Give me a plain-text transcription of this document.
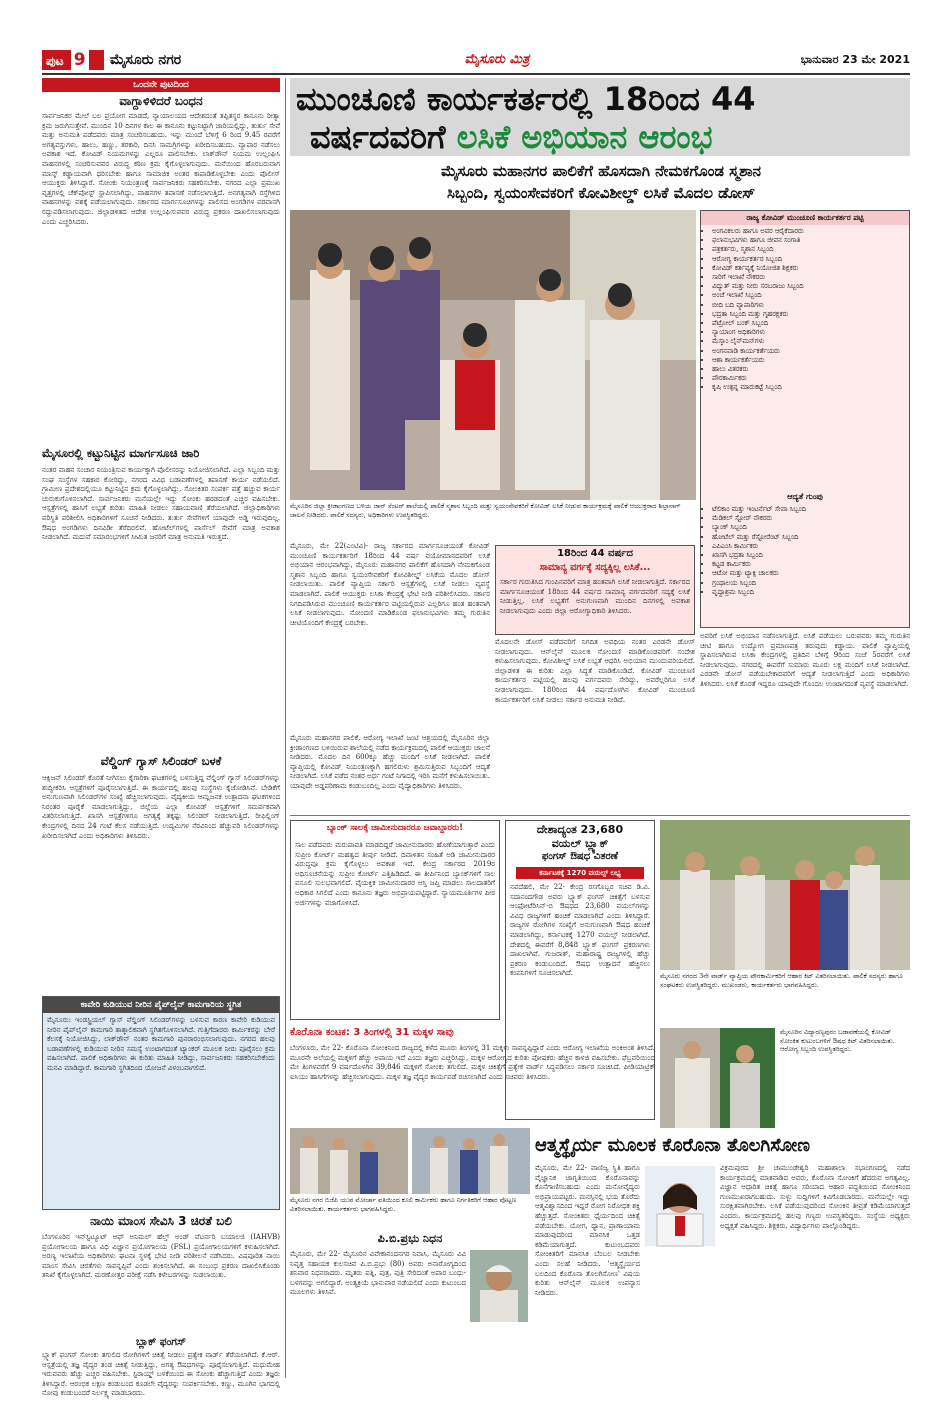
ಪುಟ 9	ಮೈಸೂರು ನಗರ	ಮೈಸೂರು ಮಿತ್ರ	ಭಾನುವಾರ 23 ಮೇ 2021
ಒಂದನೇ ಪುಟದಿಂದ
ವಾಗ್ದಾಳಿಳಿದರೆ ಬಂಧನ
ಸಾರ್ವಜನಿಕರ ಮೇಲೆ ಬಲ ಪ್ರಯೋಗ ಮಾಡದೆ, ನ್ಯಾಯಾಲಯದ ಆದೇಶದಂತೆ ತಪ್ಪಿತಸ್ಥರ ಕಾನೂನು ರೀತ್ಯಾ ಕ್ರಮ ಜರುಗಿಸುತ್ತೇವೆ. ಮುಂದಿನ 10 ದಿನಗಳ ಕಾಲ ಈ ಕಾನೂನು ಕಟ್ಟುನಿಟ್ಟಾಗಿ ಜಾರಿಯಲ್ಲಿದ್ದು, ತುರ್ತು ಸೇವೆ ಮತ್ತು ಅನುಮತಿ ಪಡೆದವರು ಮಾತ್ರ ಸಂಚರಿಸಬಹುದು. ಇನ್ನು ಮುಂದೆ ಬೆಳಿಗ್ಗೆ 6 ರಿಂದ 9.45 ರವರೆಗೆ ಅಗತ್ಯವಸ್ತುಗಳು, ಹಾಲು, ಹಣ್ಣು, ತರಕಾರಿ, ದಿನಸಿ ಸಾಮಗ್ರಿಗಳನ್ನು ಖರೀದಿಸಬಹುದು. ವ್ಯಾಪಾರ ನಡೆಸಲು ಅವಕಾಶ ಇದೆ. ಕೋವಿಡ್ ನಿಯಮಗಳನ್ನು ಎಲ್ಲರೂ ಪಾಲಿಸಬೇಕು. ಲಾಕ್‌ಡೌನ್ ನಿಯಮ ಉಲ್ಲಂಘಿಸಿ ವಾಹನಗಳಲ್ಲಿ ಸಂಚರಿಸುವವರ ವಿರುದ್ಧ ಕಠಿಣ ಕ್ರಮ ಕೈಗೊಳ್ಳಲಾಗುವುದು. ಮನೆಯಿಂದ ಹೊರಬರುವಾಗ ಮಾಸ್ಕ್ ಕಡ್ಡಾಯವಾಗಿ ಧರಿಸಬೇಕು ಹಾಗೂ ಸಾಮಾಜಿಕ ಅಂತರ ಕಾಪಾಡಿಕೊಳ್ಳಬೇಕು ಎಂದು ಪೊಲೀಸ್ ಆಯುಕ್ತರು ತಿಳಿಸಿದ್ದಾರೆ. ಸೋಂಕು ನಿಯಂತ್ರಣಕ್ಕೆ ಸಾರ್ವಜನಿಕರು ಸಹಕರಿಸಬೇಕು. ನಗರದ ಎಲ್ಲಾ ಪ್ರಮುಖ ವೃತ್ತಗಳಲ್ಲಿ ಚೆಕ್‌ಪೋಸ್ಟ್ ಸ್ಥಾಪಿಸಲಾಗಿದ್ದು, ವಾಹನಗಳ ತಪಾಸಣೆ ನಡೆಸಲಾಗುತ್ತಿದೆ. ಅನಗತ್ಯವಾಗಿ ರಸ್ತೆಗಿಳಿದ ವಾಹನಗಳನ್ನು ವಶಕ್ಕೆ ಪಡೆಯಲಾಗುವುದು. ಸರ್ಕಾರದ ಮಾರ್ಗಸೂಚಿಗಳನ್ನು ಪಾಲಿಸದ ಅಂಗಡಿಗಳ ಪರವಾನಗಿ ರದ್ದುಪಡಿಸಲಾಗುವುದು. ಜಿಲ್ಲಾಡಳಿತದ ಆದೇಶ ಉಲ್ಲಂಘಿಸುವವರ ವಿರುದ್ಧ ಪ್ರಕರಣ ದಾಖಲಿಸಲಾಗುವುದು ಎಂದು ಎಚ್ಚರಿಸಿದರು.
ಮೈಸೂರಲ್ಲಿ ಕಟ್ಟುನಿಟ್ಟಿನ ಮಾರ್ಗಸೂಚಿ ಜಾರಿ
ನಂತರ ವಾಹನ ಸಂಚಾರ ನಿಯಂತ್ರಿಸುವ ಕಾರ್ಯಕ್ಕಾಗಿ ಪೊಲೀಸರನ್ನು ನಿಯೋಜಿಸಲಾಗಿದೆ. ಎಲ್ಲಾ ಸಿಬ್ಬಂದಿ ಮತ್ತು ಸಂಘ ಸಂಸ್ಥೆಗಳ ಸಹಕಾರ ಕೋರಿದ್ದು, ನಗರದ ವಿವಿಧ ಬಡಾವಣೆಗಳಲ್ಲಿ ತಪಾಸಣೆ ಕಾರ್ಯ ನಡೆಯಲಿದೆ. ಗ್ರಾಮೀಣ ಪ್ರದೇಶದಲ್ಲಿಯೂ ಕಟ್ಟುನಿಟ್ಟಿನ ಕ್ರಮ ಕೈಗೊಳ್ಳಲಾಗಿದ್ದು, ಸೋಂಕಿತರ ಸಂಪರ್ಕ ಪತ್ತೆ ಹಚ್ಚುವ ಕಾರ್ಯ ಚುರುಕುಗೊಳಿಸಲಾಗಿದೆ. ಸಾರ್ವಜನಿಕರು ಮನೆಯಲ್ಲೇ ಇದ್ದು ಸೋಂಕು ಹರಡದಂತೆ ಎಚ್ಚರ ವಹಿಸಬೇಕು. ಆಸ್ಪತ್ರೆಗಳಲ್ಲಿ ಹಾಸಿಗೆ ಲಭ್ಯತೆ ಕುರಿತು ಮಾಹಿತಿ ನೀಡಲು ಸಹಾಯವಾಣಿ ತೆರೆಯಲಾಗಿದೆ. ಜಿಲ್ಲಾಧಿಕಾರಿಗಳು ಪರಿಸ್ಥಿತಿ ಪರಿಶೀಲಿಸಿ ಅಧಿಕಾರಿಗಳಿಗೆ ಸೂಚನೆ ನೀಡಿದರು. ತುರ್ತು ಸೇವೆಗಳಿಗೆ ಯಾವುದೇ ಅಡ್ಡಿ ಇರುವುದಿಲ್ಲ. ಔಷಧ ಅಂಗಡಿಗಳು ದಿನವಿಡೀ ತೆರೆದಿರಲಿವೆ. ಹೋಟೆಲ್‌ಗಳಲ್ಲಿ ಪಾರ್ಸೆಲ್ ಸೇವೆಗೆ ಮಾತ್ರ ಅವಕಾಶ ನೀಡಲಾಗಿದೆ. ಮದುವೆ ಸಮಾರಂಭಗಳಿಗೆ ಸೀಮಿತ ಜನರಿಗೆ ಮಾತ್ರ ಅನುಮತಿ ಇರುತ್ತದೆ.
ವೆಲ್ಡಿಂಗ್ ಗ್ಯಾಸ್ ಸಿಲಿಂಡರ್ ಬಳಕೆ
ಆಕ್ಸಿಜನ್ ಸಿಲಿಂಡರ್ ಕೊರತೆ ನೀಗಿಸಲು ಕೈಗಾರಿಕಾ ಘಟಕಗಳಲ್ಲಿ ಬಳಸುತ್ತಿದ್ದ ವೆಲ್ಡಿಂಗ್ ಗ್ಯಾಸ್ ಸಿಲಿಂಡರ್‌ಗಳನ್ನು ಶುದ್ಧೀಕರಿಸಿ ಆಸ್ಪತ್ರೆಗಳಿಗೆ ಪೂರೈಸಲಾಗುತ್ತಿದೆ. ಈ ಕಾರ್ಯದಲ್ಲಿ ಹಲವು ಸಂಸ್ಥೆಗಳು ಕೈಜೋಡಿಸಿವೆ. ಬೇಡಿಕೆಗೆ ಅನುಗುಣವಾಗಿ ಸಿಲಿಂಡರ್‌ಗಳ ಸಂಖ್ಯೆ ಹೆಚ್ಚಿಸಲಾಗುವುದು. ವೈದ್ಯಕೀಯ ಆಮ್ಲಜನಕ ಉತ್ಪಾದನಾ ಘಟಕಗಳಿಂದ ನಿರಂತರ ಪೂರೈಕೆ ಮಾಡಲಾಗುತ್ತಿದ್ದು, ಜಿಲ್ಲೆಯ ಎಲ್ಲಾ ಕೋವಿಡ್ ಆಸ್ಪತ್ರೆಗಳಿಗೆ ಸಮರ್ಪಕವಾಗಿ ವಿತರಿಸಲಾಗುತ್ತಿದೆ. ಖಾಸಗಿ ಆಸ್ಪತ್ರೆಗಳಿಗೂ ಅಗತ್ಯಕ್ಕೆ ತಕ್ಕಷ್ಟು ಸಿಲಿಂಡರ್ ನೀಡಲಾಗುತ್ತಿದೆ. ರೀಫಿಲ್ಲಿಂಗ್ ಕೇಂದ್ರಗಳಲ್ಲಿ ದಿನದ 24 ಗಂಟೆ ಕೆಲಸ ನಡೆಯುತ್ತಿದೆ. ಉದ್ಯಮಿಗಳ ನೆರವಿನಿಂದ ಹೆಚ್ಚುವರಿ ಸಿಲಿಂಡರ್‌ಗಳನ್ನು ಖರೀದಿಸಲಾಗಿದೆ ಎಂದು ಅಧಿಕಾರಿಗಳು ತಿಳಿಸಿದರು.
ಕಾವೇರಿ ಕುಡಿಯುವ ನೀರಿನ ಪೈಪ್‌ಲೈನ್ ಕಾಮಗಾರಿಯ ಸ್ಥಗಿತ
ಮೈಸೂರು: ಇಂಡಸ್ಟ್ರಿಯಲ್ ಗ್ಯಾಸ್ ವೆಲ್ಡಿಂಗ್ ಸಿಲಿಂಡರ್‌ಗಳನ್ನು ಬಳಸುವ ಕಾರಣ ಕಾವೇರಿ ಕುಡಿಯುವ ನೀರಿನ ಪೈಪ್‌ಲೈನ್ ಕಾಮಗಾರಿ ತಾತ್ಕಾಲಿಕವಾಗಿ ಸ್ಥಗಿತಗೊಳಿಸಲಾಗಿದೆ. ಗುತ್ತಿಗೆದಾರರು ಕಾರ್ಮಿಕರನ್ನು ಬೇರೆ ಕೆಲಸಕ್ಕೆ ನಿಯೋಜಿಸಿದ್ದು, ಲಾಕ್‌ಡೌನ್ ನಂತರ ಕಾಮಗಾರಿ ಪುನರಾರಂಭಿಸಲಾಗುವುದು. ನಗರದ ಹಲವು ಬಡಾವಣೆಗಳಲ್ಲಿ ಕುಡಿಯುವ ನೀರಿನ ಸಮಸ್ಯೆ ಉಂಟಾಗದಂತೆ ಟ್ಯಾಂಕರ್ ಮೂಲಕ ನೀರು ಪೂರೈಸಲು ಕ್ರಮ ವಹಿಸಲಾಗಿದೆ. ಪಾಲಿಕೆ ಅಧಿಕಾರಿಗಳು ಈ ಕುರಿತು ಮಾಹಿತಿ ನೀಡಿದ್ದು, ಸಾರ್ವಜನಿಕರು ಸಹಕರಿಸಬೇಕೆಂದು ಮನವಿ ಮಾಡಿದ್ದಾರೆ. ಕಾಮಗಾರಿ ಸ್ಥಗಿತದಿಂದ ಯೋಜನೆ ವಿಳಂಬವಾಗಲಿದೆ.
ನಾಯಿ ಮಾಂಸ ಸೇವಿಸಿ 3 ಚಿರತೆ ಬಲಿ
ಬೆಂಗಳೂರಿನ ಇನ್‌ಸ್ಟಿಟ್ಯೂಟ್ ಆಫ್ ಅನಿಮಲ್ ಹೆಲ್ತ್ ಅಂಡ್ ವೆಟರ್ನರಿ ಬಯಾಲಜಿ (IAHVB) ಪ್ರಯೋಗಾಲಯ ಹಾಗೂ ವಿಧಿ ವಿಜ್ಞಾನ ಪ್ರಯೋಗಾಲಯ (FSL) ಪ್ರಯೋಗಾಲಯಗಳಿಗೆ ಕಳುಹಿಸಲಾಗಿದೆ. ಅರಣ್ಯ ಇಲಾಖೆಯ ಅಧಿಕಾರಿಗಳು ಘಟನಾ ಸ್ಥಳಕ್ಕೆ ಭೇಟಿ ನೀಡಿ ಪರಿಶೀಲನೆ ನಡೆಸಿದರು. ವಿಷಪೂರಿತ ನಾಯಿ ಮಾಂಸ ಸೇವಿಸಿ ಚಿರತೆಗಳು ಸಾವನ್ನಪ್ಪಿವೆ ಎಂದು ಶಂಕಿಸಲಾಗಿದೆ. ಈ ಸಂಬಂಧ ಪ್ರಕರಣ ದಾಖಲಿಸಿಕೊಂಡು ತನಿಖೆ ಕೈಗೊಳ್ಳಲಾಗಿದೆ. ಮರಣೋತ್ತರ ಪರೀಕ್ಷೆ ನಡೆಸಿ ಕಳೇಬರಗಳನ್ನು ಸುಡಲಾಯಿತು.
ಬ್ಲಾಕ್ ಫಂಗಸ್
ಬ್ಲ್ಯಾಕ್ ಫಂಗಸ್ ಸೋಂಕು ತಗುಲಿದ ರೋಗಿಗಳಿಗೆ ಚಿಕಿತ್ಸೆ ನೀಡಲು ಪ್ರತ್ಯೇಕ ವಾರ್ಡ್ ತೆರೆಯಲಾಗಿದೆ. ಕೆ.ಆರ್. ಆಸ್ಪತ್ರೆಯಲ್ಲಿ ತಜ್ಞ ವೈದ್ಯರ ತಂಡ ಚಿಕಿತ್ಸೆ ನೀಡುತ್ತಿದ್ದು, ಅಗತ್ಯ ಔಷಧಗಳನ್ನು ಪೂರೈಸಲಾಗುತ್ತಿದೆ. ಮಧುಮೇಹ ಇರುವವರು ಹೆಚ್ಚು ಎಚ್ಚರ ವಹಿಸಬೇಕು. ಸ್ಟಿರಾಯ್ಡ್ ಬಳಕೆಯಿಂದ ಈ ಸೋಂಕು ಹೆಚ್ಚಾಗುತ್ತಿದೆ ಎಂದು ತಜ್ಞರು ತಿಳಿಸಿದ್ದಾರೆ. ಆರಂಭಿಕ ಲಕ್ಷಣ ಕಂಡುಬಂದ ಕೂಡಲೇ ವೈದ್ಯರನ್ನು ಸಂಪರ್ಕಿಸಬೇಕು. ಕಣ್ಣು, ಮೂಗಿನ ಭಾಗದಲ್ಲಿ ನೋವು ಕಂಡುಬಂದರೆ ನಿರ್ಲಕ್ಷ್ಯ ಮಾಡಬಾರದು.
ಮುಂಚೂಣಿ ಕಾರ್ಯಕರ್ತರಲ್ಲಿ 18ರಿಂದ 44
ವರ್ಷದವರಿಗೆ ಲಸಿಕೆ ಅಭಿಯಾನ ಆರಂಭ
ಮೈಸೂರು ಮಹಾನಗರ ಪಾಲಿಕೆಗೆ ಹೊಸದಾಗಿ ನೇಮಕಗೊಂಡ ಸ್ಮಶಾನ
ಸಿಬ್ಬಂದಿ, ಸ್ವಯಂಸೇವಕರಿಗೆ ಕೋವಿಶೀಲ್ಡ್ ಲಸಿಕೆ ಮೊದಲ ಡೋಸ್
ಮೈಸೂರಿನ ಜಿಲ್ಲಾ ಕ್ರೀಡಾಂಗಣದ ಬಳಿಯ ಜಾನ್ ಸೆಂಟರ್ ಶಾಲೆಯಲ್ಲಿ ಪಾಲಿಕೆ ಸ್ಮಶಾನ ಸಿಬ್ಬಂದಿ ಮತ್ತು ಸ್ವಯಂಸೇವಕರಿಗೆ ಕೋವಿಡ್ ಲಸಿಕೆ ನೀಡುವ ಕಾರ್ಯಕ್ರಮಕ್ಕೆ ಪಾಲಿಕೆ ಆಯುಕ್ತರಾದ ಶಿಲ್ಪಾನಾಗ್ ಚಾಲನೆ ನೀಡಿದರು. ಪಾಲಿಕೆ ಸದಸ್ಯರು, ಅಧಿಕಾರಿಗಳು ಉಪಸ್ಥಿತರಿದ್ದರು.
ರಾಜ್ಯ ಕೋವಿಡ್ ಮುಂಚೂಣಿ ಕಾರ್ಯಕರ್ತರ ಪಟ್ಟಿ
• ಅಂಗವಿಕಲರು ಹಾಗೂ ಅವರ ಆರೈಕೆದಾರರು
• ಫಲಾನುಭವಿಗಳು ಹಾಗೂ ಜೀವನ ಸಂಗಾತಿ
• ಪತ್ರಕರ್ತರು, ಸ್ಮಶಾನ ಸಿಬ್ಬಂದಿ
• ಆರೋಗ್ಯ ಕಾರ್ಯಕರ್ತರ ಸಿಬ್ಬಂದಿ
• ಕೋವಿಡ್ ಕರ್ತವ್ಯಕ್ಕೆ ನಿಯೋಜಿತ ಶಿಕ್ಷಕರು
• ಸಾರಿಗೆ ಇಲಾಖೆ ನೌಕರರು
• ವಿದ್ಯುತ್ ಮತ್ತು ನೀರು ಸರಬರಾಜು ಸಿಬ್ಬಂದಿ
• ಅಂಚೆ ಇಲಾಖೆ ಸಿಬ್ಬಂದಿ
• ಬೀದಿ ಬದಿ ವ್ಯಾಪಾರಿಗಳು
• ಭದ್ರತಾ ಸಿಬ್ಬಂದಿ ಮತ್ತು ಗೃಹರಕ್ಷಕರು
• ಪೆಟ್ರೋಲ್ ಬಂಕ್ ಸಿಬ್ಬಂದಿ
• ನ್ಯಾಯಾಂಗ ಅಧಿಕಾರಿಗಳು
• ಮೆಸ್ಕಾಂ ಲೈನ್‌ಮನ್‌ಗಳು
• ಅಂಗನವಾಡಿ ಕಾರ್ಯಕರ್ತೆಯರು
• ಆಶಾ ಕಾರ್ಯಕರ್ತೆಯರು
• ಹಾಲು ವಿತರಕರು
• ಪೌರಕಾರ್ಮಿಕರು
• ಕೃಷಿ ಉತ್ಪನ್ನ ಮಾರುಕಟ್ಟೆ ಸಿಬ್ಬಂದಿ
ಆದ್ಯತೆ ಗುಂಪು
• ಟೆಲಿಕಾಂ ಮತ್ತು ಇಂಟರ್ನೆಟ್ ಸೇವಾ ಸಿಬ್ಬಂದಿ
• ಮೆಡಿಕಲ್ ಸ್ಟೋರ್ ನೌಕರರು
• ಬ್ಯಾಂಕ್ ಸಿಬ್ಬಂದಿ
• ಹೋಟೆಲ್ ಮತ್ತು ರೆಸ್ಟೋರೆಂಟ್ ಸಿಬ್ಬಂದಿ
• ಎಪಿಎಂಸಿ ಕಾರ್ಮಿಕರು
• ಖಾಸಗಿ ಭದ್ರತಾ ಸಿಬ್ಬಂದಿ
• ಕಟ್ಟಡ ಕಾರ್ಮಿಕರು
• ಆಟೋ ಮತ್ತು ಟ್ಯಾಕ್ಸಿ ಚಾಲಕರು
• ಗ್ರಂಥಾಲಯ ಸಿಬ್ಬಂದಿ
• ವೃದ್ಧಾಶ್ರಮ ಸಿಬ್ಬಂದಿ
ಅವರಿಗೆ ಲಸಿಕೆ ಅಭಿಯಾನ ನಡೆಸಲಾಗುತ್ತಿದೆ. ಲಸಿಕೆ ಪಡೆಯಲು ಬರುವವರು ತಮ್ಮ ಗುರುತಿನ ಚೀಟಿ ಹಾಗೂ ಉದ್ಯೋಗ ಪ್ರಮಾಣಪತ್ರ ತರುವುದು ಕಡ್ಡಾಯ. ಪಾಲಿಕೆ ವ್ಯಾಪ್ತಿಯಲ್ಲಿ ಸ್ಥಾಪಿಸಲಾಗಿರುವ ಲಸಿಕಾ ಕೇಂದ್ರಗಳಲ್ಲಿ ಪ್ರತಿದಿನ ಬೆಳಿಗ್ಗೆ 9ರಿಂದ ಸಂಜೆ 5ರವರೆಗೆ ಲಸಿಕೆ ನೀಡಲಾಗುವುದು. ನಗರದಲ್ಲಿ ಈವರೆಗೆ ಸುಮಾರು ಮೂರು ಲಕ್ಷ ಮಂದಿಗೆ ಲಸಿಕೆ ನೀಡಲಾಗಿದೆ. ಎರಡನೇ ಡೋಸ್ ಪಡೆಯಬೇಕಾದವರಿಗೆ ಆದ್ಯತೆ ನೀಡಲಾಗುತ್ತಿದೆ ಎಂದು ಅಧಿಕಾರಿಗಳು ತಿಳಿಸಿದರು. ಲಸಿಕೆ ಕೊರತೆ ಇದ್ದರೂ ಯಾವುದೇ ಗೊಂದಲ ಉಂಟಾಗದಂತೆ ವ್ಯವಸ್ಥೆ ಮಾಡಲಾಗಿದೆ.
ಮೈಸೂರು, ಮೇ 22(ಎಂಟಿವಿ)- ರಾಜ್ಯ ಸರ್ಕಾರದ ಮಾರ್ಗಸೂಚಿಯಂತೆ ಕೋವಿಡ್ ಮುಂಚೂಣಿ ಕಾರ್ಯಕರ್ತರಿಗೆ 18ರಿಂದ 44 ವರ್ಷ ವಯೋಮಾನದವರಿಗೆ ಲಸಿಕೆ ಅಭಿಯಾನ ಆರಂಭವಾಗಿದ್ದು, ಮೈಸೂರು ಮಹಾನಗರ ಪಾಲಿಕೆಗೆ ಹೊಸದಾಗಿ ನೇಮಕಗೊಂಡ ಸ್ಮಶಾನ ಸಿಬ್ಬಂದಿ ಹಾಗೂ ಸ್ವಯಂಸೇವಕರಿಗೆ ಕೋವಿಶೀಲ್ಡ್ ಲಸಿಕೆಯ ಮೊದಲ ಡೋಸ್ ನೀಡಲಾಯಿತು. ಪಾಲಿಕೆ ವ್ಯಾಪ್ತಿಯ ಸರ್ಕಾರಿ ಆಸ್ಪತ್ರೆಗಳಲ್ಲಿ ಲಸಿಕೆ ನೀಡಲು ವ್ಯವಸ್ಥೆ ಮಾಡಲಾಗಿದೆ. ಪಾಲಿಕೆ ಆಯುಕ್ತರು ಲಸಿಕಾ ಕೇಂದ್ರಕ್ಕೆ ಭೇಟಿ ನೀಡಿ ಪರಿಶೀಲಿಸಿದರು. ಸರ್ಕಾರ ನಿಗದಿಪಡಿಸಿರುವ ಮುಂಚೂಣಿ ಕಾರ್ಯಕರ್ತರ ಪಟ್ಟಿಯಲ್ಲಿರುವ ಎಲ್ಲರಿಗೂ ಹಂತ ಹಂತವಾಗಿ ಲಸಿಕೆ ನೀಡಲಾಗುವುದು. ನೋಂದಣಿ ಮಾಡಿಕೊಂಡ ಫಲಾನುಭವಿಗಳು ತಮ್ಮ ಗುರುತಿನ ಚೀಟಿಯೊಂದಿಗೆ ಕೇಂದ್ರಕ್ಕೆ ಬರಬೇಕು.
ಮೈಸೂರು ಮಹಾನಗರ ಪಾಲಿಕೆ, ಆರೋಗ್ಯ ಇಲಾಖೆ ಜಂಟಿ ಆಶ್ರಯದಲ್ಲಿ ಮೈಸೂರಿನ ಜಿಲ್ಲಾ ಕ್ರೀಡಾಂಗಣದ ಬಳಿಯಿರುವ ಶಾಲೆಯಲ್ಲಿ ನಡೆದ ಕಾರ್ಯಕ್ರಮದಲ್ಲಿ ಪಾಲಿಕೆ ಆಯುಕ್ತರು ಚಾಲನೆ ನೀಡಿದರು. ಮೊದಲ ದಿನ 600ಕ್ಕೂ ಹೆಚ್ಚು ಮಂದಿಗೆ ಲಸಿಕೆ ನೀಡಲಾಗಿದೆ. ಪಾಲಿಕೆ ವ್ಯಾಪ್ತಿಯಲ್ಲಿ ಕೋವಿಡ್ ನಿಯಂತ್ರಣಕ್ಕಾಗಿ ಹಗಲಿರುಳು ಶ್ರಮಿಸುತ್ತಿರುವ ಸಿಬ್ಬಂದಿಗೆ ಆದ್ಯತೆ ನೀಡಲಾಗಿದೆ. ಲಸಿಕೆ ಪಡೆದ ನಂತರ ಅರ್ಧ ಗಂಟೆ ನಿಗಾದಲ್ಲಿ ಇರಿಸಿ ಮನೆಗೆ ಕಳುಹಿಸಲಾಯಿತು. ಯಾವುದೇ ಅಡ್ಡಪರಿಣಾಮ ಕಂಡುಬಂದಿಲ್ಲ ಎಂದು ವೈದ್ಯಾಧಿಕಾರಿಗಳು ತಿಳಿಸಿದರು.
18ರಿಂದ 44 ವರ್ಷದ
ಸಾಮಾನ್ಯ ವರ್ಗಕ್ಕೆ ಸದ್ಯಕ್ಕಿಲ್ಲ ಲಸಿಕೆ...
ಸರ್ಕಾರ ಗುರುತಿಸಿದ ಗುಂಪಿನವರಿಗೆ ಮಾತ್ರ ಹಂತವಾಗಿ ಲಸಿಕೆ ನೀಡಲಾಗುತ್ತಿದೆ. ಸರ್ಕಾರದ ಮಾರ್ಗಸೂಚಿಯಂತೆ 18ರಿಂದ 44 ವರ್ಷದ ಸಾಮಾನ್ಯ ವರ್ಗದವರಿಗೆ ಸದ್ಯಕ್ಕೆ ಲಸಿಕೆ ನೀಡುತ್ತಿಲ್ಲ. ಲಸಿಕೆ ಲಭ್ಯತೆಗೆ ಅನುಗುಣವಾಗಿ ಮುಂದಿನ ದಿನಗಳಲ್ಲಿ ಅವಕಾಶ ನೀಡಲಾಗುವುದು ಎಂದು ಜಿಲ್ಲಾ ಆರೋಗ್ಯಾಧಿಕಾರಿ ತಿಳಿಸಿದರು.
ಮೊದಲನೇ ಡೋಸ್ ಪಡೆದವರಿಗೆ ನಿಗದಿತ ಅವಧಿಯ ನಂತರ ಎರಡನೇ ಡೋಸ್ ನೀಡಲಾಗುವುದು. ಆನ್‌ಲೈನ್ ಮೂಲಕ ನೋಂದಣಿ ಮಾಡಿಕೊಂಡವರಿಗೆ ಸಂದೇಶ ಕಳುಹಿಸಲಾಗುವುದು. ಕೋವಿಶೀಲ್ಡ್ ಲಸಿಕೆ ಲಭ್ಯತೆ ಆಧರಿಸಿ ಅಭಿಯಾನ ಮುಂದುವರಿಯಲಿದೆ. ಜಿಲ್ಲಾಡಳಿತ ಈ ಕುರಿತು ಎಲ್ಲಾ ಸಿದ್ಧತೆ ಮಾಡಿಕೊಂಡಿದೆ. ಕೋವಿಡ್ ಮುಂಚೂಣಿ ಕಾರ್ಯಕರ್ತರ ಪಟ್ಟಿಯಲ್ಲಿ ಹಲವು ವರ್ಗದವರು ಸೇರಿದ್ದು, ಅವರೆಲ್ಲರಿಗೂ ಲಸಿಕೆ ನೀಡಲಾಗುವುದು. 180ರಿಂದ 44 ವರ್ಷದೊಳಗಿನ ಕೋವಿಡ್ ಮುಂಚೂಣಿ ಕಾರ್ಯಕರ್ತರಿಗೆ ಲಸಿಕೆ ನೀಡಲು ಸರ್ಕಾರ ಅನುಮತಿ ನೀಡಿದೆ.
ಬ್ಯಾಂಕ್ ಸಾಲಕ್ಕೆ ಜಾಮೀನುದಾರರೂ ಜವಾಬ್ದಾರರು!
ಸಾಲ ಪಡೆದವರು ಮರುಪಾವತಿ ಮಾಡದಿದ್ದರೆ ಜಾಮೀನುದಾರರು ಹೊಣೆಯಾಗುತ್ತಾರೆ ಎಂದು ಸುಪ್ರೀಂ ಕೋರ್ಟ್ ಮಹತ್ವದ ತೀರ್ಪು ನೀಡಿದೆ. ದಿವಾಳಿತನ ಸಂಹಿತೆ ಅಡಿ ಜಾಮೀನುದಾರರ ವಿರುದ್ಧವೂ ಕ್ರಮ ಕೈಗೊಳ್ಳಲು ಅವಕಾಶ ಇದೆ. ಕೇಂದ್ರ ಸರ್ಕಾರದ 2019ರ ಅಧಿಸೂಚನೆಯನ್ನು ಸುಪ್ರೀಂ ಕೋರ್ಟ್ ಎತ್ತಿಹಿಡಿದಿದೆ. ಈ ತೀರ್ಪಿನಿಂದ ಬ್ಯಾಂಕ್‌ಗಳಿಗೆ ಸಾಲ ವಸೂಲಿ ಸುಲಭವಾಗಲಿದೆ. ವೈಯಕ್ತಿಕ ಜಾಮೀನುದಾರರ ಆಸ್ತಿ ಜಪ್ತಿ ಮಾಡಲು ಸಾಲದಾತರಿಗೆ ಅಧಿಕಾರ ಸಿಗಲಿದೆ ಎಂದು ಕಾನೂನು ತಜ್ಞರು ಅಭಿಪ್ರಾಯಪಟ್ಟಿದ್ದಾರೆ. ನ್ಯಾಯಮೂರ್ತಿಗಳ ಪೀಠ ಅರ್ಜಿಗಳನ್ನು ವಜಾಗೊಳಿಸಿದೆ.
ದೇಶಾದ್ಯಂತ 23,680
ವಯಲ್ ಬ್ಲ್ಯಾಕ್
ಫಂಗಸ್ ಔಷಧ ವಿತರಣೆ
ಕರ್ನಾಟಕಕ್ಕೆ 1270 ವಯಲ್ಸ್ ಲಭ್ಯ
ನವದೆಹಲಿ, ಮೇ 22- ಕೇಂದ್ರ ರಸಗೊಬ್ಬರ ಸಚಿವ ಡಿ.ವಿ. ಸದಾನಂದಗೌಡ ಅವರು ಬ್ಲ್ಯಾಕ್ ಫಂಗಸ್ ಚಿಕಿತ್ಸೆಗೆ ಬಳಸುವ ಆಂಫೋಟೆರಿಸಿನ್-ಬಿ ಔಷಧದ 23,680 ವಯಲ್‌ಗಳನ್ನು ವಿವಿಧ ರಾಜ್ಯಗಳಿಗೆ ಹಂಚಿಕೆ ಮಾಡಲಾಗಿದೆ ಎಂದು ತಿಳಿಸಿದ್ದಾರೆ. ರಾಜ್ಯಗಳ ರೋಗಿಗಳ ಸಂಖ್ಯೆಗೆ ಅನುಗುಣವಾಗಿ ಔಷಧ ಹಂಚಿಕೆ ಮಾಡಲಾಗಿದ್ದು, ಕರ್ನಾಟಕಕ್ಕೆ 1270 ವಯಲ್ಸ್ ನೀಡಲಾಗಿದೆ. ದೇಶದಲ್ಲಿ ಈವರೆಗೆ 8,848 ಬ್ಲ್ಯಾಕ್ ಫಂಗಸ್ ಪ್ರಕರಣಗಳು ದಾಖಲಾಗಿವೆ. ಗುಜರಾತ್, ಮಹಾರಾಷ್ಟ್ರ ರಾಜ್ಯಗಳಲ್ಲಿ ಹೆಚ್ಚು ಪ್ರಕರಣ ಕಂಡುಬಂದಿದೆ. ಔಷಧ ಉತ್ಪಾದನೆ ಹೆಚ್ಚಿಸಲು ಕಂಪನಿಗಳಿಗೆ ಸೂಚಿಸಲಾಗಿದೆ.	ಮೈಸೂರು ನಗರದ 3ನೇ ವಾರ್ಡ್ ವ್ಯಾಪ್ತಿಯ ಪೌರಕಾರ್ಮಿಕರಿಗೆ ಆಹಾರ ಕಿಟ್ ವಿತರಿಸಲಾಯಿತು. ಪಾಲಿಕೆ ಸದಸ್ಯರು ಹಾಗೂ ಸಂಘಟಕರು ಉಪಸ್ಥಿತರಿದ್ದರು. ಮುಖಂಡರು, ಕಾರ್ಯಕರ್ತರು ಭಾಗವಹಿಸಿದ್ದರು.
ಮೈಸೂರಿನ ವಿದ್ಯಾರಣ್ಯಪುರಂ ಬಡಾವಣೆಯಲ್ಲಿ ಕೋವಿಡ್ ಸೋಂಕಿತ ಕುಟುಂಬಗಳಿಗೆ ಔಷಧ ಕಿಟ್ ವಿತರಿಸಲಾಯಿತು. ಆರೋಗ್ಯ ಸಿಬ್ಬಂದಿ ಉಪಸ್ಥಿತರಿದ್ದರು.
ಕೊರೊನಾ ಕಂಟಕ: 3 ತಿಂಗಳಲ್ಲಿ 31 ಮಕ್ಕಳ ಸಾವು
ಬೆಂಗಳೂರು, ಮೇ 22- ಕೊರೊನಾ ಸೋಂಕಿನಿಂದ ರಾಜ್ಯದಲ್ಲಿ ಕಳೆದ ಮೂರು ತಿಂಗಳಲ್ಲಿ 31 ಮಕ್ಕಳು ಸಾವನ್ನಪ್ಪಿದ್ದಾರೆ ಎಂದು ಆರೋಗ್ಯ ಇಲಾಖೆಯ ಅಂಕಿಅಂಶ ತಿಳಿಸಿದೆ. ಮೂರನೇ ಅಲೆಯಲ್ಲಿ ಮಕ್ಕಳಿಗೆ ಹೆಚ್ಚು ಅಪಾಯ ಇದೆ ಎಂದು ತಜ್ಞರು ಎಚ್ಚರಿಸಿದ್ದು, ಮಕ್ಕಳ ಆರೋಗ್ಯದ ಕುರಿತು ಪೋಷಕರು ಹೆಚ್ಚಿನ ಕಾಳಜಿ ವಹಿಸಬೇಕು. ಫೆಬ್ರವರಿಯಿಂದ ಮೇ ತಿಂಗಳವರೆಗೆ 9 ವರ್ಷದೊಳಗಿನ 39,846 ಮಕ್ಕಳಿಗೆ ಸೋಂಕು ತಗುಲಿದೆ. ಮಕ್ಕಳ ಚಿಕಿತ್ಸೆಗೆ ಪ್ರತ್ಯೇಕ ವಾರ್ಡ್ ಸಿದ್ಧಪಡಿಸಲು ಸರ್ಕಾರ ಸೂಚಿಸಿದೆ. ಪೀಡಿಯಾಟ್ರಿಕ್ ಐಸಿಯು ಹಾಸಿಗೆಗಳನ್ನು ಹೆಚ್ಚಿಸಲಾಗುವುದು. ಮಕ್ಕಳ ತಜ್ಞ ವೈದ್ಯರ ಕಾರ್ಯಪಡೆ ರಚಿಸಲಾಗಿದೆ ಎಂದು ಸಚಿವರು ತಿಳಿಸಿದರು.
ಮೈಸೂರು ನಗರ ಬಿಜೆಪಿ ಯುವ ಮೋರ್ಚಾ ವತಿಯಿಂದ ಕೂಲಿ ಕಾರ್ಮಿಕರು ಹಾಗೂ ನಿರ್ಗತಿಕರಿಗೆ ಆಹಾರ ಪೊಟ್ಟಣ ವಿತರಿಸಲಾಯಿತು. ಕಾರ್ಯಕರ್ತರು ಭಾಗವಹಿಸಿದ್ದರು.
ಪಿ.ಬಿ.ಪ್ರಭು ನಿಧನ
ಮೈಸೂರು, ಮೇ 22- ಮೈಸೂರಿನ ವಿವೇಕಾನಂದನಗರ ನಿವಾಸಿ, ಮೈಸೂರು ವಿವಿ ನಿವೃತ್ತ ಸಹಾಯಕ ಕುಲಸಚಿವ ಪಿ.ಬಿ.ಪ್ರಭು (80) ಅವರು ಅನಾರೋಗ್ಯದಿಂದ ಶನಿವಾರ ನಿಧನರಾದರು. ಮೃತರು ಪತ್ನಿ, ಪುತ್ರ, ಪುತ್ರಿ ಸೇರಿದಂತೆ ಅಪಾರ ಬಂಧು-ಬಳಗವನ್ನು ಅಗಲಿದ್ದಾರೆ. ಅಂತ್ಯಕ್ರಿಯೆ ಭಾನುವಾರ ನಡೆಯಲಿದೆ ಎಂದು ಕುಟುಂಬದ ಮೂಲಗಳು ತಿಳಿಸಿವೆ.
ಆತ್ಮಸ್ಥೈರ್ಯ ಮೂಲಕ ಕೊರೊನಾ ತೊಲಗಿಸೋಣ
ಮೈಸೂರು, ಮೇ 22- ವಾಣಿಜ್ಯ ಸ್ಥಿತಿ ಹಾಗೂ ವೈಜ್ಞಾನಿಕ ಜಾಗೃತಿಯಿಂದ ಕೊರೊನಾವನ್ನು ಕೊನೆಗಾಣಿಸಬಹುದು ಎಂದು ಮನೋವೈದ್ಯರು ಅಭಿಪ್ರಾಯಪಟ್ಟರು. ಮನಸ್ಸಿನಲ್ಲಿ ಭಯ ತೊರೆದು ಆತ್ಮವಿಶ್ವಾಸದಿಂದ ಇದ್ದರೆ ರೋಗ ನಿರೋಧಕ ಶಕ್ತಿ ಹೆಚ್ಚುತ್ತದೆ. ಸೋಂಕಿತರು ಧೈರ್ಯದಿಂದ ಚಿಕಿತ್ಸೆ ಪಡೆಯಬೇಕು. ಯೋಗ, ಧ್ಯಾನ, ಪ್ರಾಣಾಯಾಮ ಮಾಡುವುದರಿಂದ ಮಾನಸಿಕ ಒತ್ತಡ ಕಡಿಮೆಯಾಗುತ್ತದೆ. ಕುಟುಂಬದವರು ಸೋಂಕಿತರಿಗೆ ಮಾನಸಿಕ ಬೆಂಬಲ ನೀಡಬೇಕು ಎಂದು ಸಲಹೆ ನೀಡಿದರು. 'ಆತ್ಮಸ್ಥೈರ್ಯದ ಬಲದಿಂದ ಕೊರೊನಾ ತೊಲಗಿಸೋಣ' ವಿಷಯ ಕುರಿತು ಆನ್‌ಲೈನ್ ಮೂಲಕ ಉಪನ್ಯಾಸ ನೀಡಿದರು.
ವಿಕ್ರಮಪುರದ ಶ್ರೀ ಚಾಮುಂಡೇಶ್ವರಿ ಮಹಾಶಾಲಾ ಸಭಾಂಗಣದಲ್ಲಿ ನಡೆದ ಕಾರ್ಯಕ್ರಮದಲ್ಲಿ ಮಾತನಾಡಿದ ಅವರು, ಕೊರೊನಾ ಸೋಂಕಿಗೆ ಹೆದರುವ ಅಗತ್ಯವಿಲ್ಲ. ವಿಜ್ಞಾನ ಆಧಾರಿತ ಚಿಕಿತ್ಸೆ ಹಾಗೂ ಸರಿಯಾದ ಆಹಾರ ಪದ್ಧತಿಯಿಂದ ಸೋಂಕಿನಿಂದ ಗುಣಮುಖರಾಗಬಹುದು. ಸುಳ್ಳು ಸುದ್ದಿಗಳಿಗೆ ಕಿವಿಗೊಡಬಾರದು. ಮನೆಯಲ್ಲೇ ಇದ್ದು ಸುರಕ್ಷಿತವಾಗಿರಬೇಕು. ಲಸಿಕೆ ಪಡೆಯುವುದರಿಂದ ಸೋಂಕಿನ ತೀವ್ರತೆ ಕಡಿಮೆಯಾಗುತ್ತದೆ ಎಂದರು. ಕಾರ್ಯಕ್ರಮದಲ್ಲಿ ಹಲವು ಗಣ್ಯರು ಉಪಸ್ಥಿತರಿದ್ದರು. ಸಂಸ್ಥೆಯ ಅಧ್ಯಕ್ಷರು ಅಧ್ಯಕ್ಷತೆ ವಹಿಸಿದ್ದರು. ಶಿಕ್ಷಕರು, ವಿದ್ಯಾರ್ಥಿಗಳು ಪಾಲ್ಗೊಂಡಿದ್ದರು.
